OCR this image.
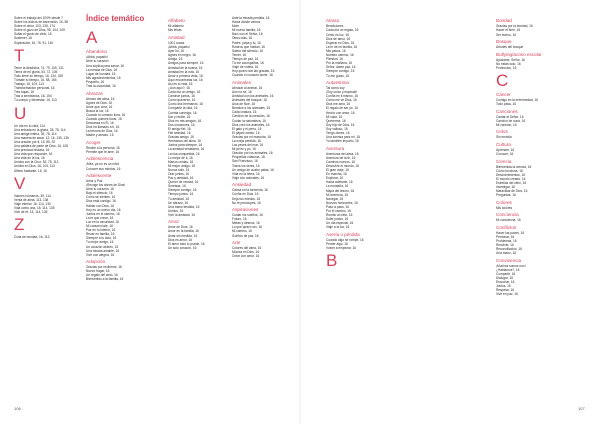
Sobre el trabajo del 100% desde 7
Sobre los dichos de Ascensión, 16, 58
Sobre el dolor, 103, 135, 174
Sobre el gozo de Dios, 98, 104, 109
Soltar el gusto de cielo, 16
Sostener, 16
Superación, 61, 76, 91, 140
T
Tener la desdicha, 74, 79, 105, 131
Tierra de mi gloria, 53, 72, 105
Todo tiene su tiempo, 16, 134, 155
Tómate tu tiempo, 16, 58, 154
Trabajo, 16, 104, 113
Transformación personal, 16
Tres bajas, 16
Tras a semblanza, 16, 154
Tu cuerpo y bienestar, 16, 113
U
Un día en tu vida, 114
Una entrada en la gloria, 35, 78, 114
Una amiga íntima, 35, 78, 114
Una manera de amar, 12, 16, 135, 136
Una oración por ti, 16, 85, 92
Una palabra de parte de Dios, 16, 105
Una preciosa historia, 16
Una vida que responde, 16
Una vida en la luz, 16
Unidos con la Cruz, 52, 78, 113
Unidos en Dios, 16, 104, 113
Último bastante, 15, 16
V
Valores humanos, 35, 114
Venta de alma, 113, 138
Viaje interior, 16, 114, 130
Vida como una, 16, 114, 135
Vivir de fe, 16, 114, 135
Z
Zona de bondad, 16, 113
Índice temático
A
Abandono
¡Abbá, papaíto!
Abrir tu corazón
Una súplica para sanar, 16
La mirada de Dios, 16
Lugar de bondad, 16
Mis agradecimientos, 16
Pequeño, 16
Tras la oscuridad, 16
Abrazos
Abrazo del alma, 16
Agnes de Dios, 16
Amor que cura, 16
Busca la luz, 16
Cuando tu corazón llora, 16
Cuando quieres llorar, 16
Descansa en Él, 16
Dios ha llamado a ti, 16
La ternura de Dios, 16
Madre y abrazo, 16
Acoger
Recibe a la persona, 16
Permite que te ame, 16
Adolescencia
¡Mira, ya no es un niño!
Conocer sus miedos, 16
Adolescente
Amor y Paz
¡Recoge los dones de Dios!
Abre tu corazón, 16
Bajo el silencio, 16
Cómo se sienten, 16
Dios está contigo, 16
Hablar con Dios, 16
Hoy es un nuevo día, 16
Juntos en el camino, 16
La fe que crece, 16
Luz en la oscuridad, 16
Mi corazón late, 16
Paz en tu interior, 16
Rezar en familia, 16
Siempre a tu lado, 16
Tu mejor amigo, 16
Un corazón abierto, 16
Una mirada amable, 16
Vivir con alegría, 16
Adopción
Gracias por recibirme, 16
Nuevo hogar, 16
Un regalo del cielo, 16
Bienvenido a la familia, 16
Alfabeto
Mi alfabeto
Mis letras
Amistad
1001 cosas
¡Abbá, papaíto!
Ayer fui, 16
Agnes en negro, 16
Amigo, 16
Amigos para siempre, 16
Amistad de la buena, 16
Amistad en la ruta, 16
Amor a primera vista, 16
Aquí encontrarás luz, 16
Así es tu vida, 16
¿Aún aquí?, 16
Cada día un amigo, 16
Caminar juntos, 16
Cómo quererse, 16
Como dos hermanos, 16
Compartir la vida, 16
Cuenta conmigo, 16
Dar y recibir, 16
Dios en mis amigos, 16
Dos corazones, 16
El amigo fiel, 16
Fiel amistad, 16
Gracias amigo, 16
Hermanos del alma, 16
Juntos para siempre, 16
La amistad verdadera, 16
La risa compartida, 16
Lo mejor de ti, 16
Manos unidas, 16
Mi mejor amigo, 16
Nunca solo, 16
Orar juntos, 16
Paz y amistad, 16
Querer de verdad, 16
Sonrisas, 16
Siempre contigo, 16
Tiempo juntos, 16
Tu amistad, 16
Un abrazo, 16
Una mano tendida, 16
Unidos, 16
Vivir la amistad, 16
Amor
Amor de Dios, 16
Amor en la familia, 16
Amar sin medida, 16
Dios es amor, 16
El amor todo lo puede, 16
Un solo corazón, 16
Ante la mirada perdida, 16
Hacia dónde vamos
Morir
Mi nueva familia, 16
Nací con el Señor, 16
Otros días, 16
Padre, papá y tú, 16
Rostros que hablan, 16
Salmo del silencio, 16
Temer, 16
Tiempo de paz, 16
Tú me acompañas, 16
Viaje de vuelta, 16
Hoy quiero dar las gracias, 16
Cuando el corazón duele, 16
Animales
Abrazar al animal, 16
Aún no sé, 16
Amistad con los animales, 16
Animales del bosque, 16
Arca de Noé, 16
Bendice a los animales, 16
Cada criatura, 16
Canción de la creación, 16
Cuidar la naturaleza, 16
Dios creó los animales, 16
El gato y el perro, 16
El pájaro cantor, 16
Gracias por mi mascota, 16
La oveja perdida, 16
Los peces del mar, 16
Mi perro y yo, 16
Oración por los animales, 16
Pequeñas criaturas, 16
San Francisco, 16
Todos los seres, 16
Un amigo de cuatro patas, 16
Vida en la tierra, 16
Viaje con animales, 16
Ansiedad
Calma en la tormenta, 16
Confía en Dios, 16
Deja tus miedos, 16
No te preocupes, 16
Aspiraciones
Cuidar los sueños, 16
Futuro, 16
Metas y deseos, 16
Lo que quiero ser, 16
Mi camino, 16
Sueños de paz, 16
Arte
Colores del alma, 16
Música en Dios, 16
Crear con amor, 16
106
Atraso
Bendiciones
Cada día un regalo, 16
Cristo es luz, 16
Dios de amor, 16
Esperar en Dios, 16
La fe de mi familia, 16
Mis pasos, 16
Nuestro camino, 16
Plenitud, 16
Por la mañana, 16
Señor, dame paz, 16
Siempre contigo, 16
Tú me guías, 16
Autoestima
Tal como soy
¡Soy único y especial!
Confía en ti mismo, 16
Cómo me ve Dios, 16
Dios me ama, 16
El regalo de ser yo, 16
Hecho con amor, 16
Mi valor, 16
Quererme, 16
Soy hijo de Dios, 16
Soy valioso, 16
Tengo dones, 16
Una sonrisa para mí, 16
Yo también importo, 16
Aventura
Aventuras del alma, 16
Aventura de la fe, 16
Caminos nuevos, 16
Descubrir el mundo, 16
El gran viaje, 16
En marcha, 16
Explorar, 16
Hacia adelante, 16
La montaña, 16
Mapa del tesoro, 16
Mi aventura, 16
Navegar, 16
Nuevos horizontes, 16
Paso a paso, 16
Por el camino, 16
Rumbo al cielo, 16
Subir juntos, 16
Un día especial, 16
Viaje a la luz, 16
Avería o pérdida
Cuando algo se rompe, 16
Perder algo, 16
Volver a empezar, 16
B
Bondad
Gracias por la bondad, 16
Hacer el bien, 16
Ser bueno, 16
Bosque
Árboles del bosque
Bullying/acoso escolar
Ayúdame, Señor, 16
No estás solo, 16
Protección, 16
C
Cáncer
Contigo en la enfermedad, 16
Todo pasa, 16
Canciones
Cantar al Señor, 16
Canción de cuna, 16
Mi canción, 16
Celos
Sin envidia
Cultura
Aprender, 16
Conocer, 16
Ciencia
Bienvenida la ciencia, 16
Cómo funciona, 16
Descubrimientos, 16
El mundo creado, 16
Estrellas del cielo, 16
Investigar, 16
Maravillas de Dios, 16
Preguntas, 16
Colores
Mis colores
Conciencia
Mi conciencia, 16
Conflictos
Hacer las paces, 16
Perdonar, 16
Problemas, 16
Resolver, 16
Reconciliación, 16
Una mano, 16
Convivencia
¡Muchos somos uno!
¿Hablamos?, 16
Compartir, 16
Dialogar, 16
Escuchar, 16
Juntos, 16
Respetar, 16
Vivir en paz, 16
107
